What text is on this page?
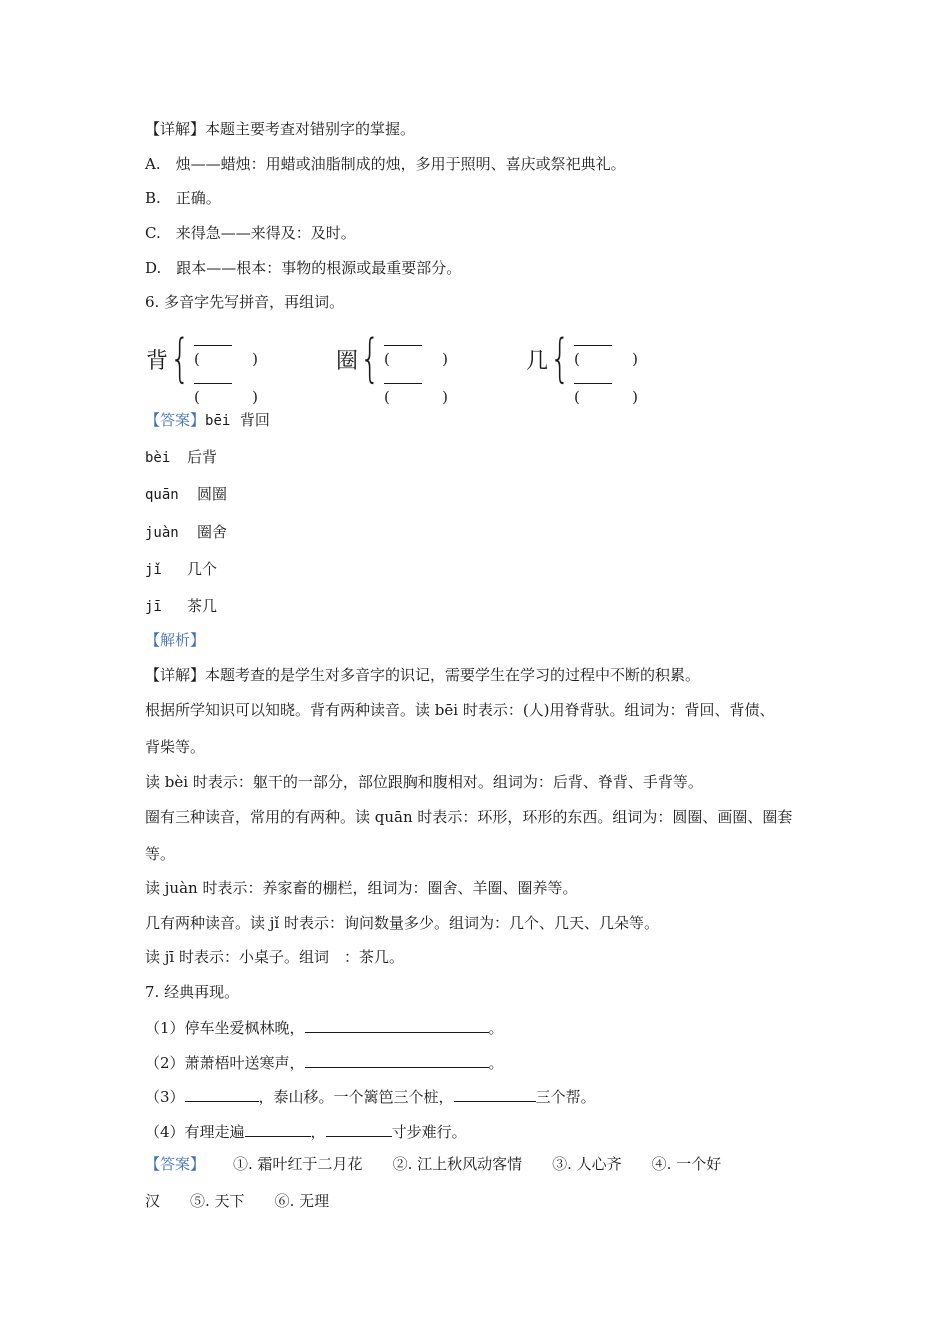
【详解】本题主要考查对错别字的掌握。
A.　烛——蜡烛：用蜡或油脂制成的烛，多用于照明、喜庆或祭祀典礼。
B.　正确。
C.　来得急——来得及：及时。
D.　跟本——根本：事物的根源或最重要部分。
6. 多音字先写拼音，再组词。
背 { (	)
(	)
圈 { (	)
(	)
几 { (	)
(	)
【答案】bēi 背回
bèi 后背
quān 圆圈
juàn 圈舍
jǐ 几个
jī 茶几
【解析】
【详解】本题考查的是学生对多音字的识记，需要学生在学习的过程中不断的积累。
根据所学知识可以知晓。背有两种读音。读 bēi 时表示：(人)用脊背驮。组词为：背回、背债、
背柴等。
读 bèi 时表示：躯干的一部分，部位跟胸和腹相对。组词为：后背、脊背、手背等。
圈有三种读音，常用的有两种。读 quān 时表示：环形，环形的东西。组词为：圆圈、画圈、圈套
等。
读 juàn 时表示：养家畜的棚栏，组词为：圈舍、羊圈、圈养等。
几有两种读音。读 jǐ 时表示：询问数量多少。组词为：几个、几天、几朵等。
读 jī 时表示：小桌子。组词　：茶几。
7. 经典再现。
（1）停车坐爱枫林晚，	。
（2）萧萧梧叶送寒声，	。
（3）	，泰山移。一个篱笆三个桩，	三个帮。
（4）有理走遍	，	寸步难行。
【答案】 ①. 霜叶红于二月花 ②. 江上秋风动客情 ③. 人心齐 ④. 一个好
汉 ⑤. 天下 ⑥. 无理
